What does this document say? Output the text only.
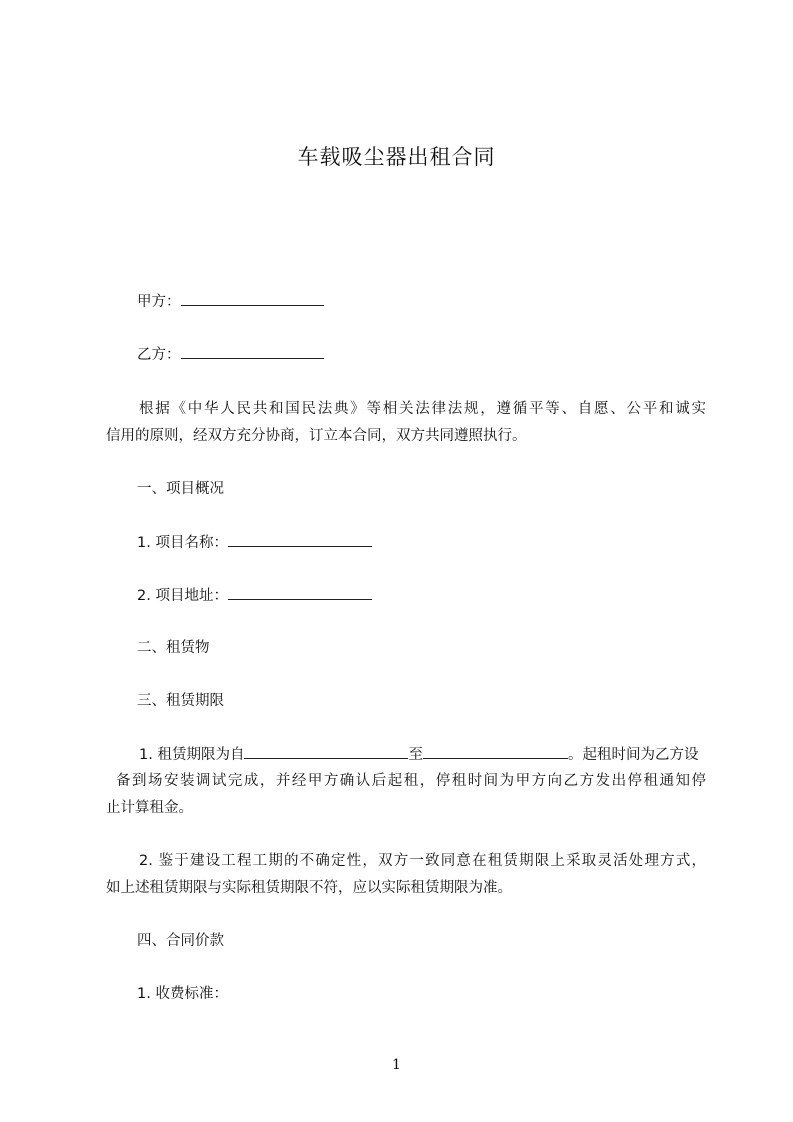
车载吸尘器出租合同
甲方：
乙方：
根据《中华人民共和国民法典》等相关法律法规，遵循平等、自愿、公平和诚实
信用的原则，经双方充分协商，订立本合同，双方共同遵照执行。
一、项目概况
1. 项目名称：
2. 项目地址：
二、租赁物
三、租赁期限
1. 租赁期限为自	至	。起租时间为乙方设
备到场安装调试完成，并经甲方确认后起租，停租时间为甲方向乙方发出停租通知停
止计算租金。
2. 鉴于建设工程工期的不确定性，双方一致同意在租赁期限上采取灵活处理方式，
如上述租赁期限与实际租赁期限不符，应以实际租赁期限为准。
四、合同价款
1. 收费标准：
1
